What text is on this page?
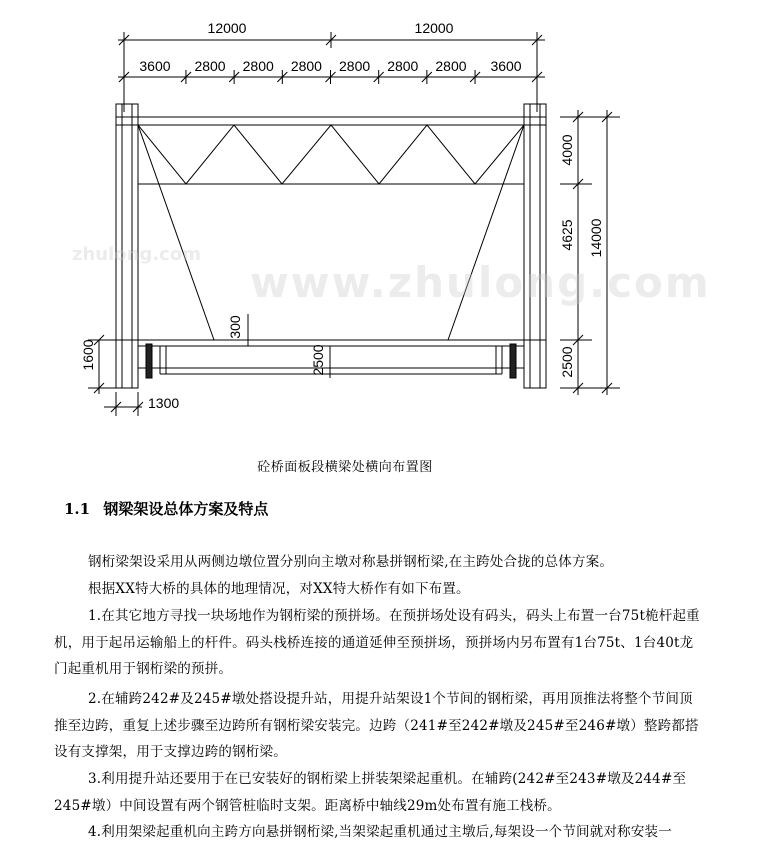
12000	12000
3600 2800 2800 2800 2800 2800 2800 3600
4000
4625
2500
14000
1600
1300
300
2500
zhulong.com
www.zhulong.com
砼桥面板段横梁处横向布置图
1.1 钢梁架设总体方案及特点
钢桁梁架设采用从两侧边墩位置分别向主墩对称悬拼钢桁梁,在主跨处合拢的总体方案。
根据XX特大桥的具体的地理情况，对XX特大桥作有如下布置。
1.在其它地方寻找一块场地作为钢桁梁的预拼场。在预拼场处设有码头，码头上布置一台75t桅杆起重机，用于起吊运输船上的杆件。码头栈桥连接的通道延伸至预拼场，预拼场内另布置有1台75t、1台40t龙门起重机用于钢桁梁的预拼。
2.在辅跨242#及245#墩处搭设提升站，用提升站架设1个节间的钢桁梁，再用顶推法将整个节间顶推至边跨，重复上述步骤至边跨所有钢桁梁安装完。边跨（241#至242#墩及245#至246#墩）整跨都搭设有支撑架，用于支撑边跨的钢桁梁。
3.利用提升站还要用于在已安装好的钢桁梁上拼装架梁起重机。在辅跨(242#至243#墩及244#至245#墩）中间设置有两个钢管桩临时支架。距离桥中轴线29m处布置有施工栈桥。
4.利用架梁起重机向主跨方向悬拼钢桁梁,当架梁起重机通过主墩后,每架设一个节间就对称安装一
